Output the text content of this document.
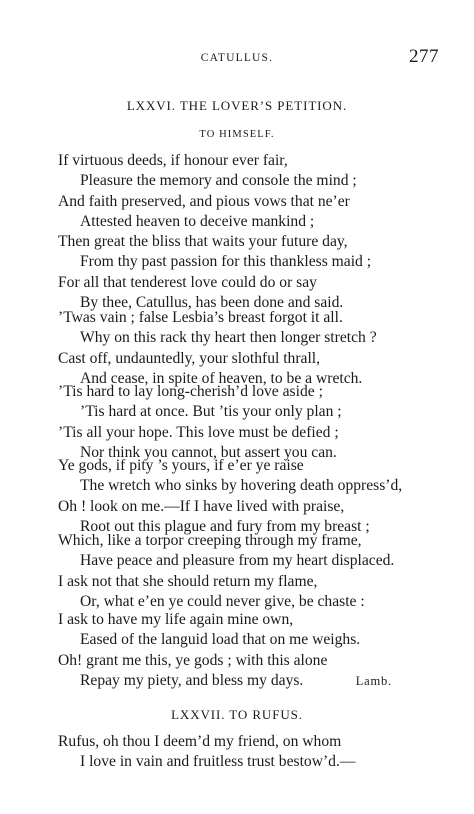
CATULLUS.	277
LXXVI. THE LOVER’S PETITION.
TO HIMSELF.
If virtuous deeds, if honour ever fair,
Pleasure the memory and console the mind ;
And faith preserved, and pious vows that ne’er
Attested heaven to deceive mankind ;
Then great the bliss that waits your future day,
From thy past passion for this thankless maid ;
For all that tenderest love could do or say
By thee, Catullus, has been done and said.
’Twas vain ; false Lesbia’s breast forgot it all.
Why on this rack thy heart then longer stretch ?
Cast off, undauntedly, your slothful thrall,
And cease, in spite of heaven, to be a wretch.
’Tis hard to lay long-cherish’d love aside ;
’Tis hard at once. But ’tis your only plan ;
’Tis all your hope. This love must be defied ;
Nor think you cannot, but assert you can.
Ye gods, if pity ’s yours, if e’er ye raise
The wretch who sinks by hovering death oppress’d,
Oh ! look on me.—If I have lived with praise,
Root out this plague and fury from my breast ;
Which, like a torpor creeping through my frame,
Have peace and pleasure from my heart displaced.
I ask not that she should return my flame,
Or, what e’en ye could never give, be chaste :
I ask to have my life again mine own,
Eased of the languid load that on me weighs.
Oh! grant me this, ye gods ; with this alone
Repay my piety, and bless my days.	Lamb.
LXXVII. TO RUFUS.
Rufus, oh thou I deem’d my friend, on whom
I love in vain and fruitless trust bestow’d.—
